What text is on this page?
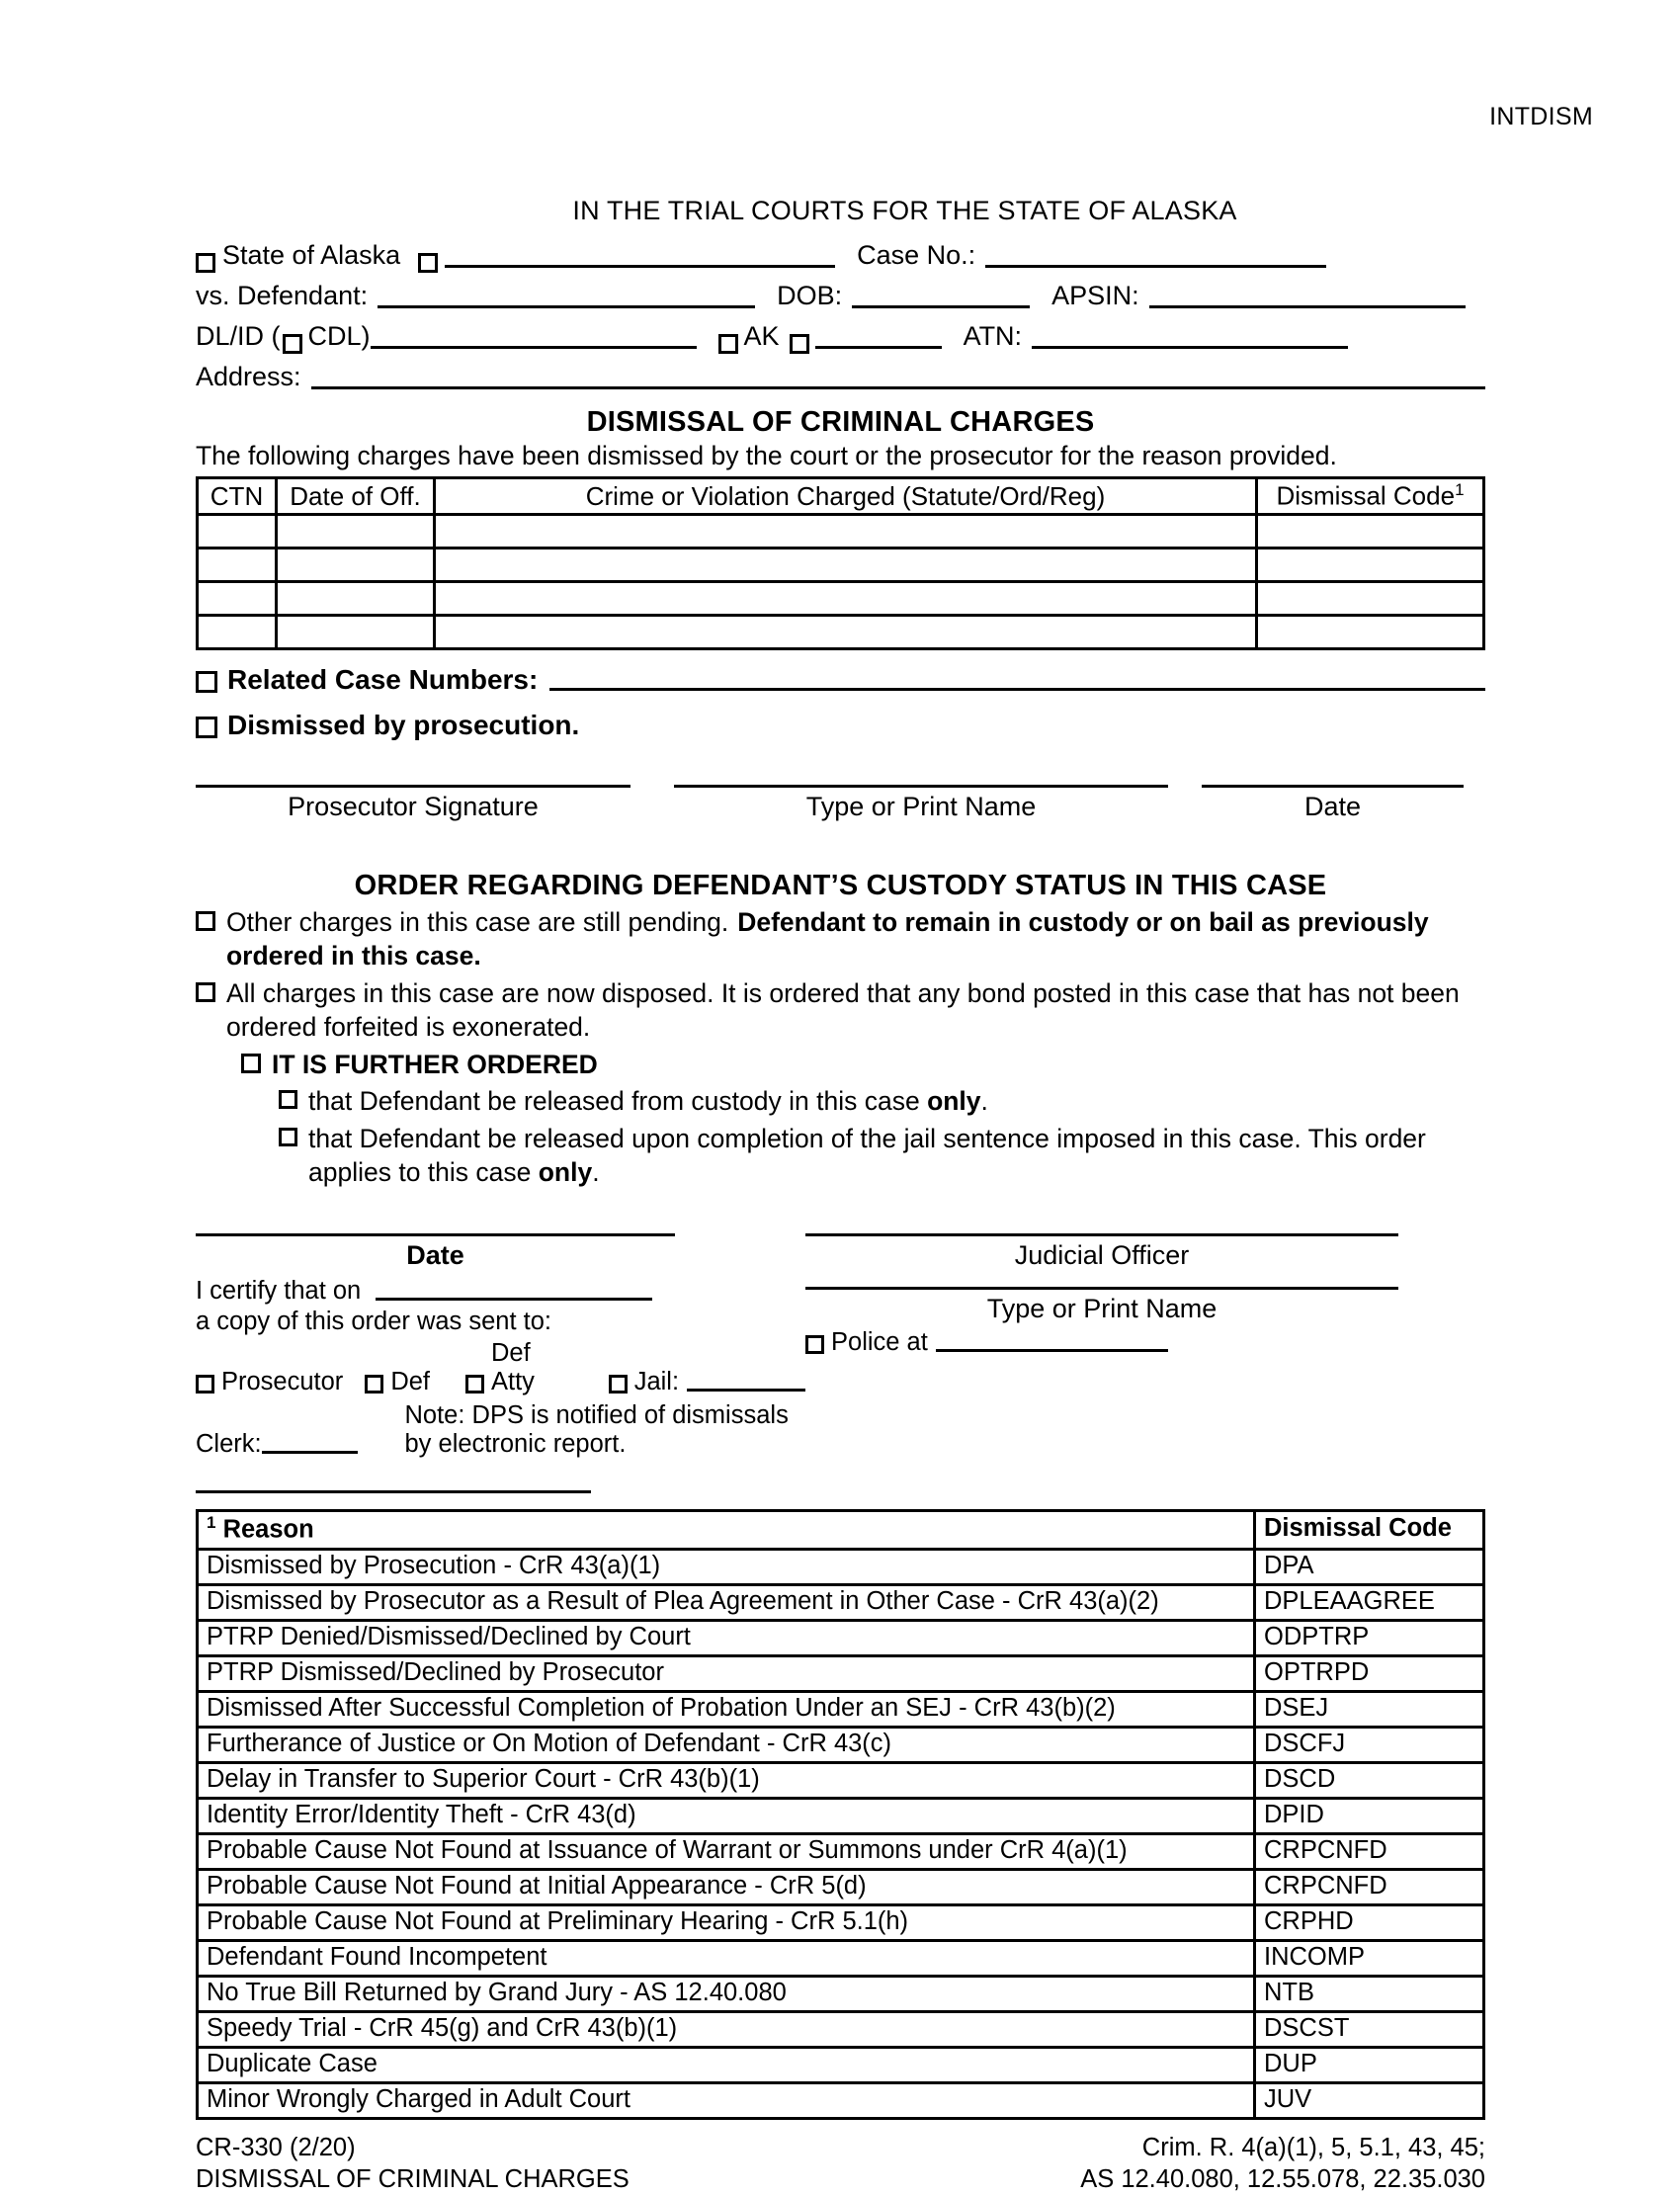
INTDISM
IN THE TRIAL COURTS FOR THE STATE OF ALASKA
State of Alaska	Case No.:
vs. Defendant:	DOB:	APSIN:
DL/ID ( CDL)	AK	ATN:
Address:
DISMISSAL OF CRIMINAL CHARGES
The following charges have been dismissed by the court or the prosecutor for the reason provided.
CTN	Date of Off.	Crime or Violation Charged (Statute/Ord/Reg)	Dismissal Code$^1$

Related Case Numbers:
Dismissed by prosecution.
Prosecutor Signature	Type or Print Name	Date
ORDER REGARDING DEFENDANT’S CUSTODY STATUS IN THIS CASE
Other charges in this case are still pending. Defendant to remain in custody or on bail as previously ordered in this case.
All charges in this case are now disposed. It is ordered that any bond posted in this case that has not been ordered forfeited is exonerated.
IT IS FURTHER ORDERED
that Defendant be released from custody in this case only.
that Defendant be released upon completion of the jail sentence imposed in this case. This order applies to this case only.
Date
I certify that on
a copy of this order was sent to:
Prosecutor Def
Def Atty	Jail:
Clerk:
Note: DPS is notified of dismissals by electronic report.
Judicial Officer
Type or Print Name
Police at
$^1$ Reason	Dismissal Code
Dismissed by Prosecution - CrR 43(a)(1)	DPA
Dismissed by Prosecutor as a Result of Plea Agreement in Other Case - CrR 43(a)(2)	DPLEAAGREE
PTRP Denied/Dismissed/Declined by Court	ODPTRP
PTRP Dismissed/Declined by Prosecutor	OPTRPD
Dismissed After Successful Completion of Probation Under an SEJ - CrR 43(b)(2)	DSEJ
Furtherance of Justice or On Motion of Defendant - CrR 43(c)	DSCFJ
Delay in Transfer to Superior Court - CrR 43(b)(1)	DSCD
Identity Error/Identity Theft - CrR 43(d)	DPID
Probable Cause Not Found at Issuance of Warrant or Summons under CrR 4(a)(1)	CRPCNFD
Probable Cause Not Found at Initial Appearance - CrR 5(d)	CRPCNFD
Probable Cause Not Found at Preliminary Hearing - CrR 5.1(h)	CRPHD
Defendant Found Incompetent	INCOMP
No True Bill Returned by Grand Jury - AS 12.40.080	NTB
Speedy Trial - CrR 45(g) and CrR 43(b)(1)	DSCST
Duplicate Case	DUP
Minor Wrongly Charged in Adult Court	JUV
CR-330 (2/20)
DISMISSAL OF CRIMINAL CHARGES
Crim. R. 4(a)(1), 5, 5.1, 43, 45;
AS 12.40.080, 12.55.078, 22.35.030
